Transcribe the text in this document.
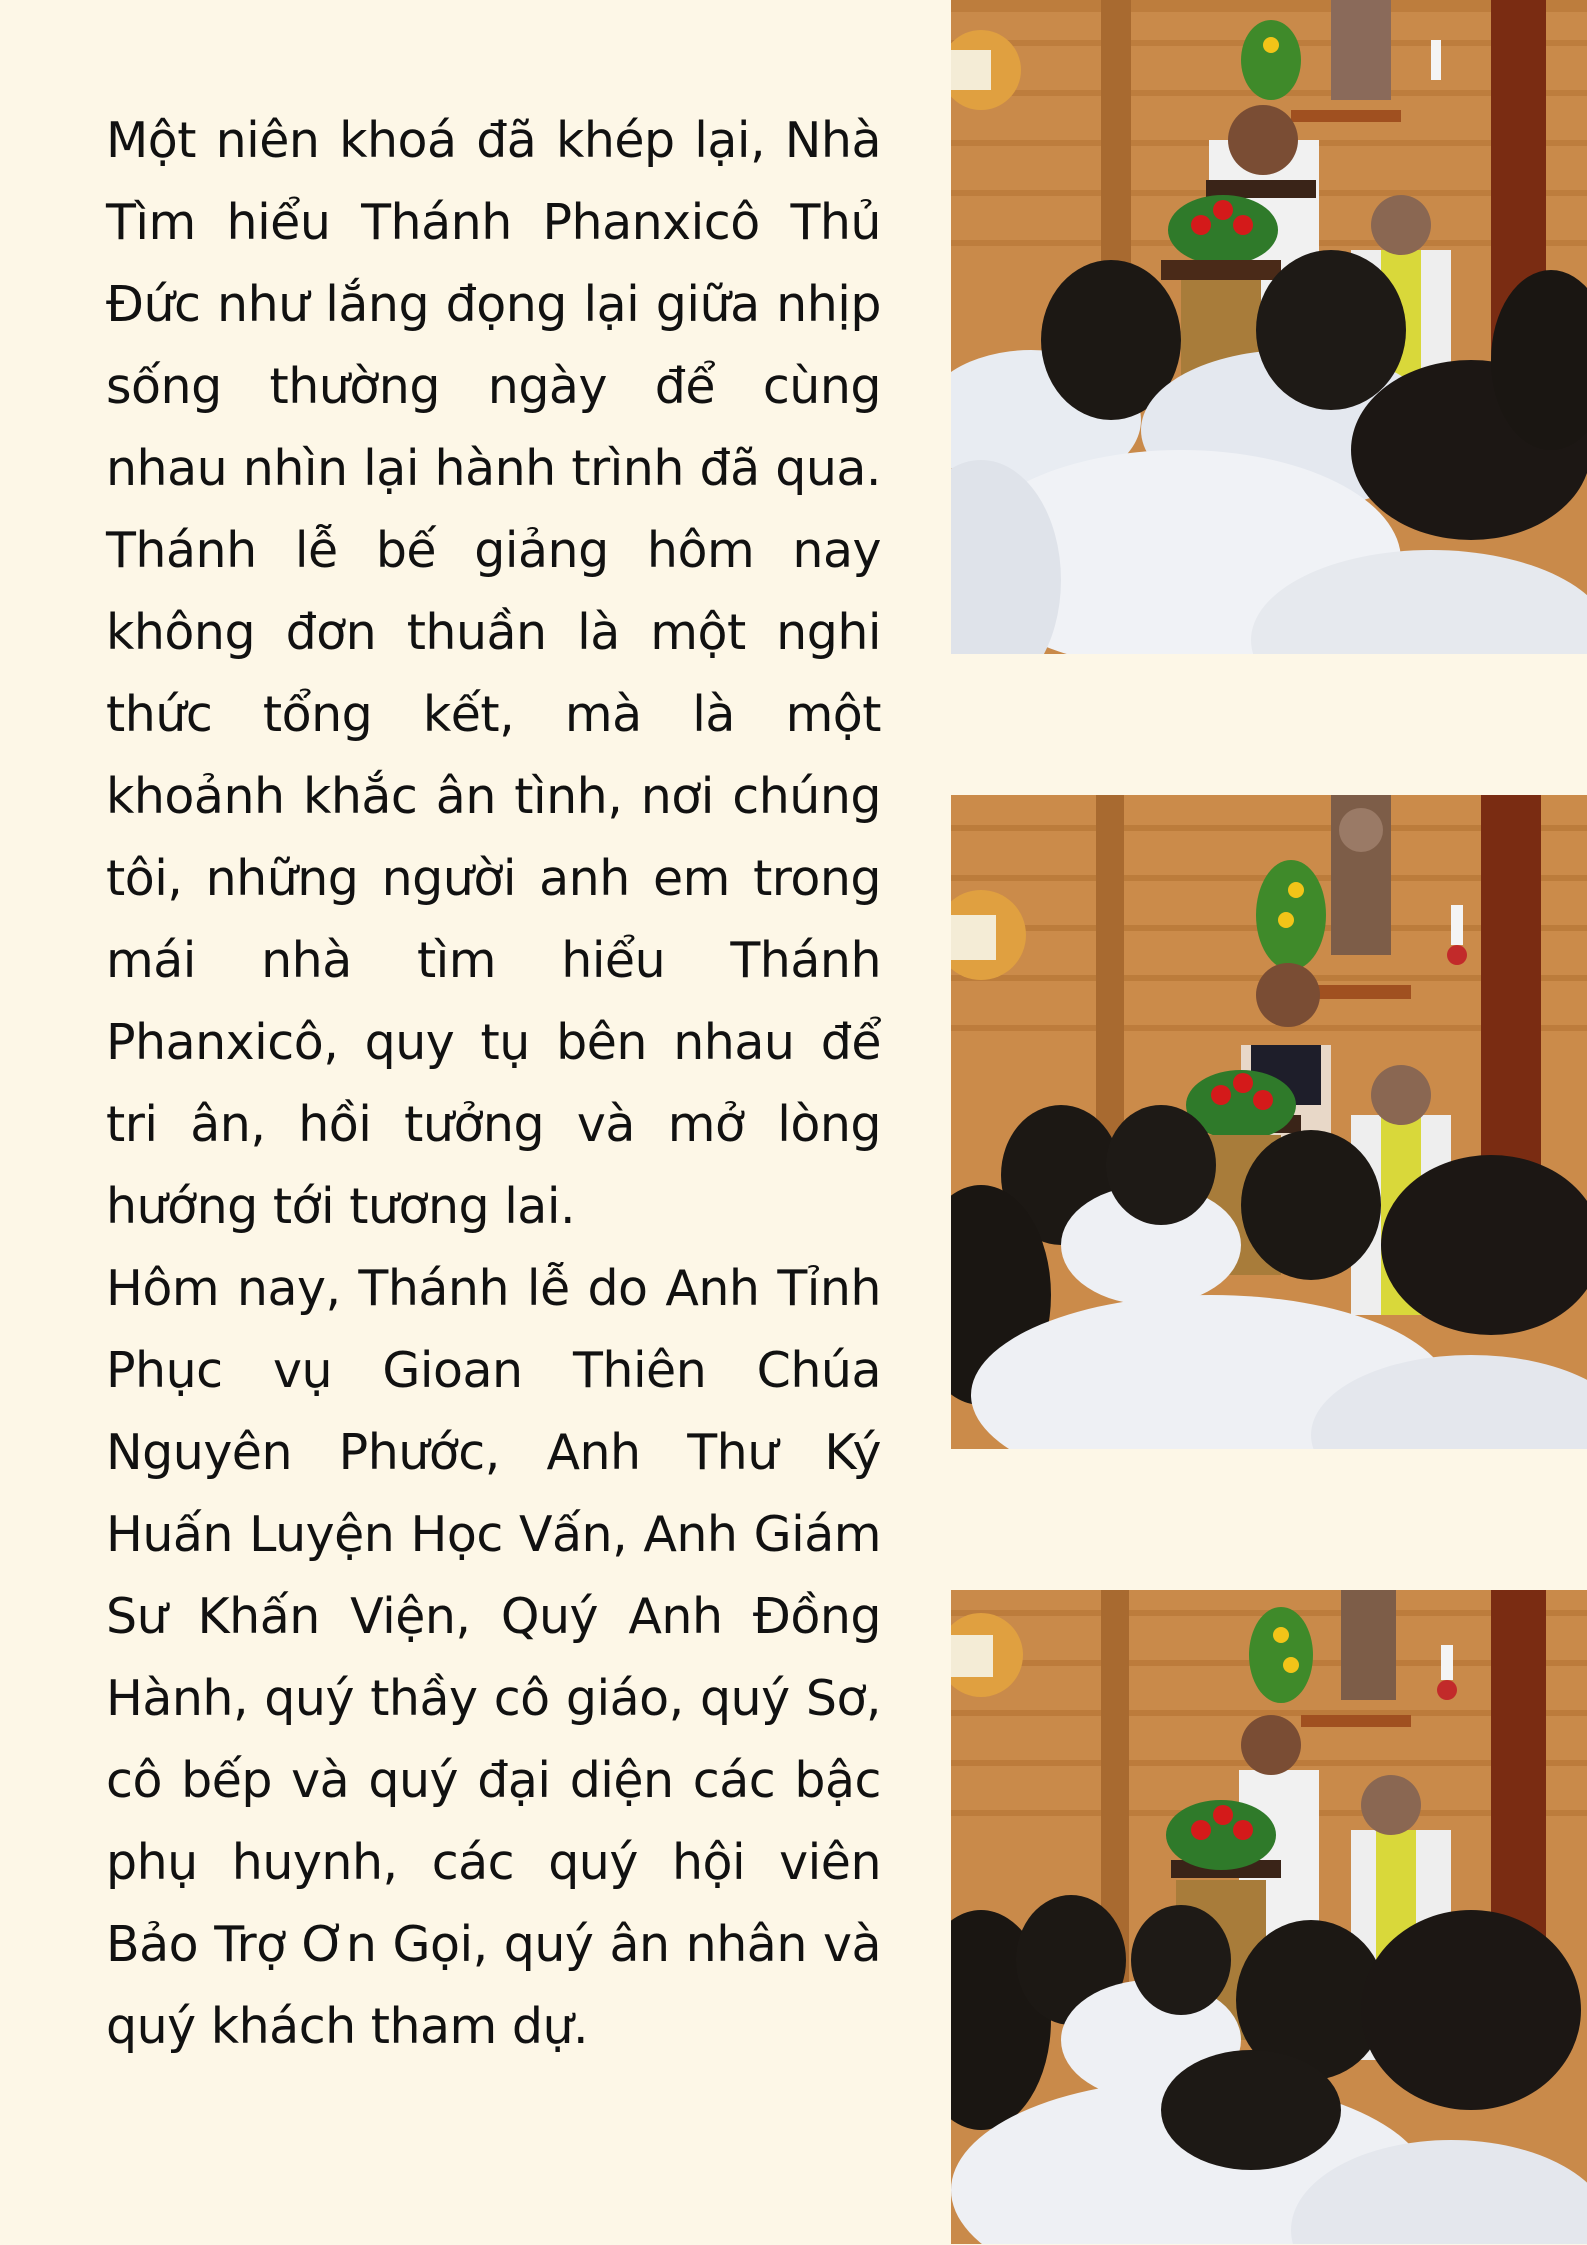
Một niên khoá đã khép lại, Nhà Tìm hiểu Thánh Phanxicô Thủ Đức như lắng đọng lại giữa nhịp sống thường ngày để cùng nhau nhìn lại hành trình đã qua. Thánh lễ bế giảng hôm nay không đơn thuần là một nghi thức tổng kết, mà là một khoảnh khắc ân tình, nơi chúng tôi, những người anh em trong mái nhà tìm hiểu Thánh Phanxicô, quy tụ bên nhau để tri ân, hồi tưởng và mở lòng hướng tới tương lai.

Hôm nay, Thánh lễ do Anh Tỉnh Phục vụ Gioan Thiên Chúa Nguyên Phước, Anh Thư Ký Huấn Luyện Học Vấn, Anh Giám Sư Khấn Viện, Quý Anh Đồng Hành, quý thầy cô giáo, quý Sơ, cô bếp và quý đại diện các bậc phụ huynh, các quý hội viên Bảo Trợ Ơn Gọi, quý ân nhân và quý khách tham dự.
